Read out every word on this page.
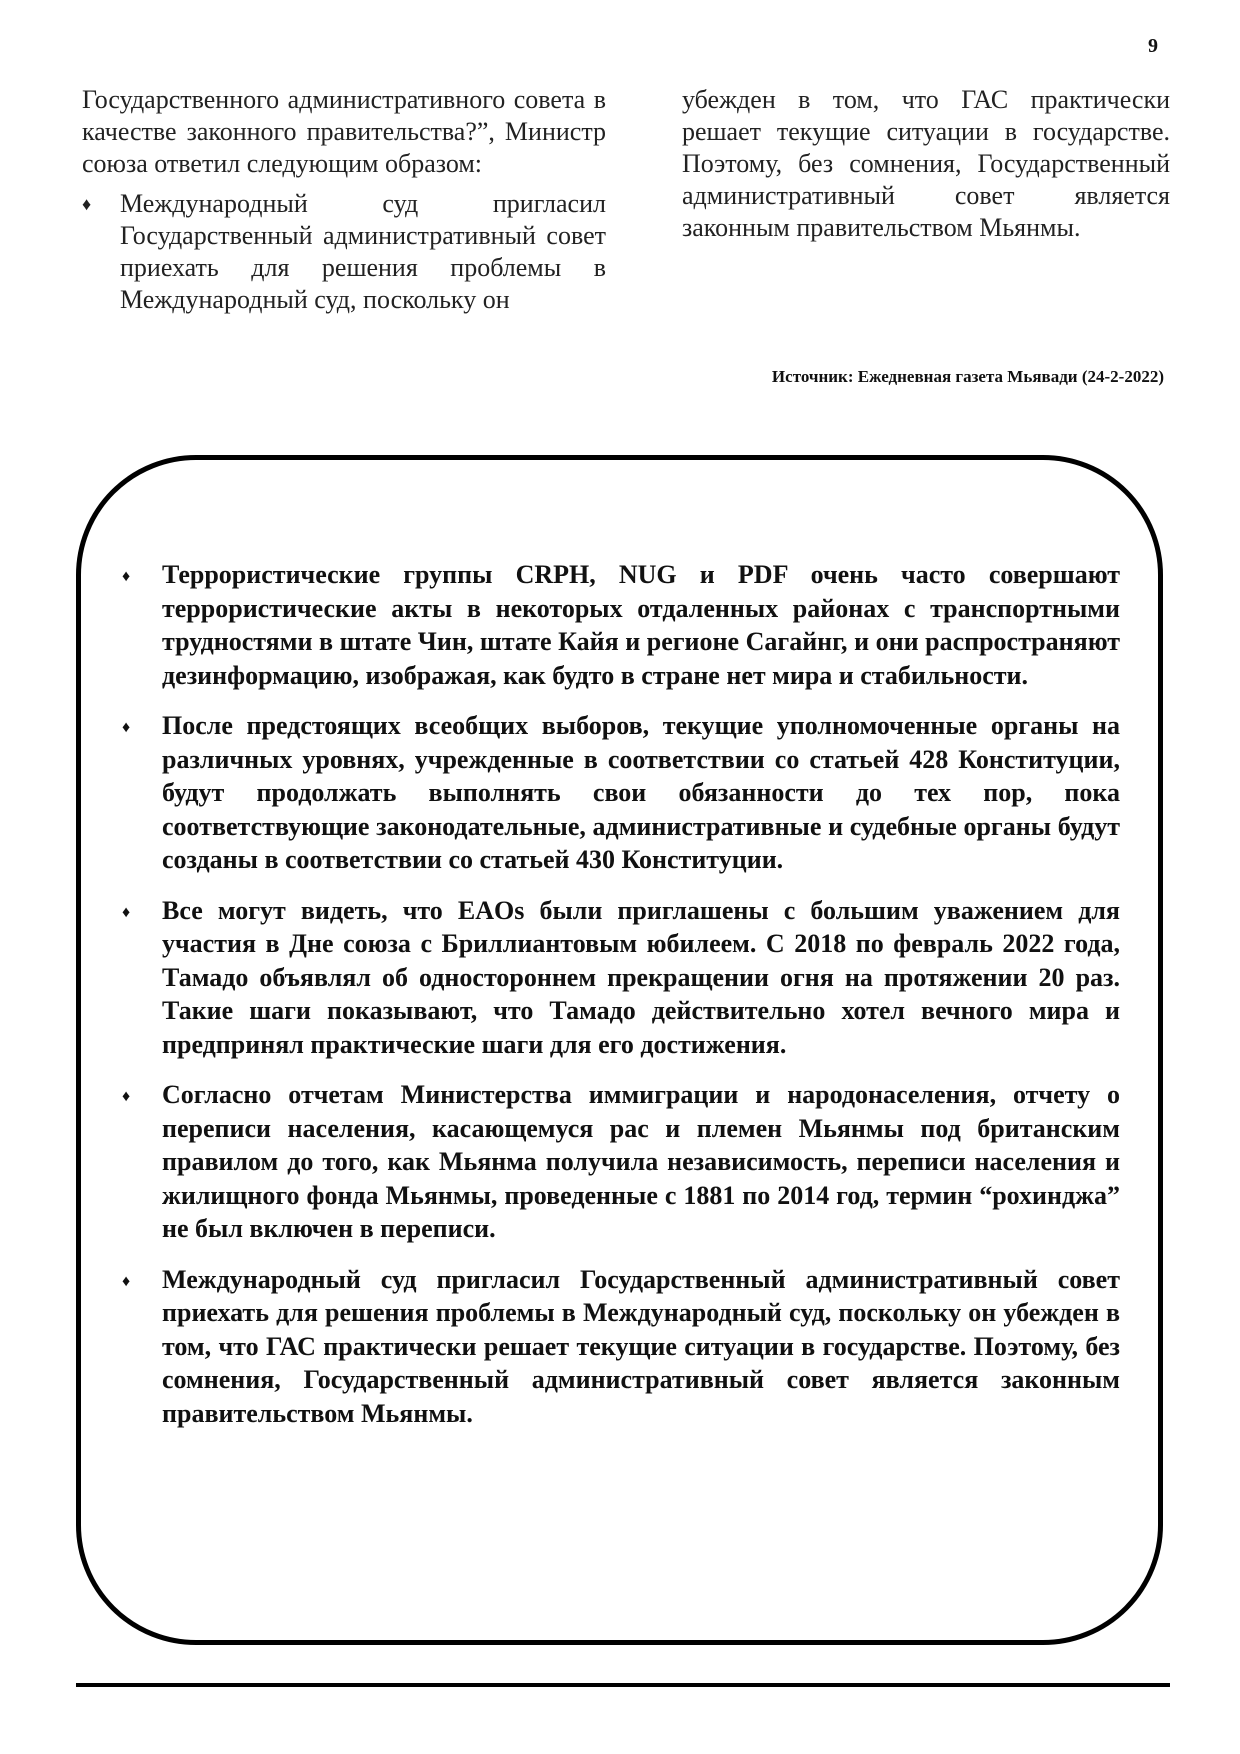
9

Государственного административного совета в качестве законного правительства?”, Министр союза ответил следующим образом:

♦ Международный суд пригласил Государственный административный совет приехать для решения проблемы в Международный суд, поскольку он

убежден в том, что ГАС практически решает текущие ситуации в государстве. Поэтому, без сомнения, Государственный административный совет является законным правительством Мьянмы.

Источник: Ежедневная газета Мьявади (24-2-2022)
♦ Террористические группы CRPH, NUG и PDF очень часто совершают террористические акты в некоторых отдаленных районах с транспортными трудностями в штате Чин, штате Кайя и регионе Сагайнг, и они распространяют дезинформацию, изображая, как будто в стране нет мира и стабильности.
♦ После предстоящих всеобщих выборов, текущие уполномоченные органы на различных уровнях, учрежденные в соответствии со статьей 428 Конституции, будут продолжать выполнять свои обязанности до тех пор, пока соответствующие законодательные, административные и судебные органы будут созданы в соответствии со статьей 430 Конституции.
♦ Все могут видеть, что EAOs были приглашены с большим уважением для участия в Дне союза с Бриллиантовым юбилеем. С 2018 по февраль 2022 года, Тамадо объявлял об одностороннем прекращении огня на протяжении 20 раз. Такие шаги показывают, что Тамадо действительно хотел вечного мира и предпринял практические шаги для его достижения.
♦ Согласно отчетам Министерства иммиграции и народонаселения, отчету о переписи населения, касающемуся рас и племен Мьянмы под британским правилом до того, как Мьянма получила независимость, переписи населения и жилищного фонда Мьянмы, проведенные с 1881 по 2014 год, термин “рохинджа” не был включен в переписи.
♦ Международный суд пригласил Государственный административный совет приехать для решения проблемы в Международный суд, поскольку он убежден в том, что ГАС практически решает текущие ситуации в государстве. Поэтому, без сомнения, Государственный административный совет является законным правительством Мьянмы.
